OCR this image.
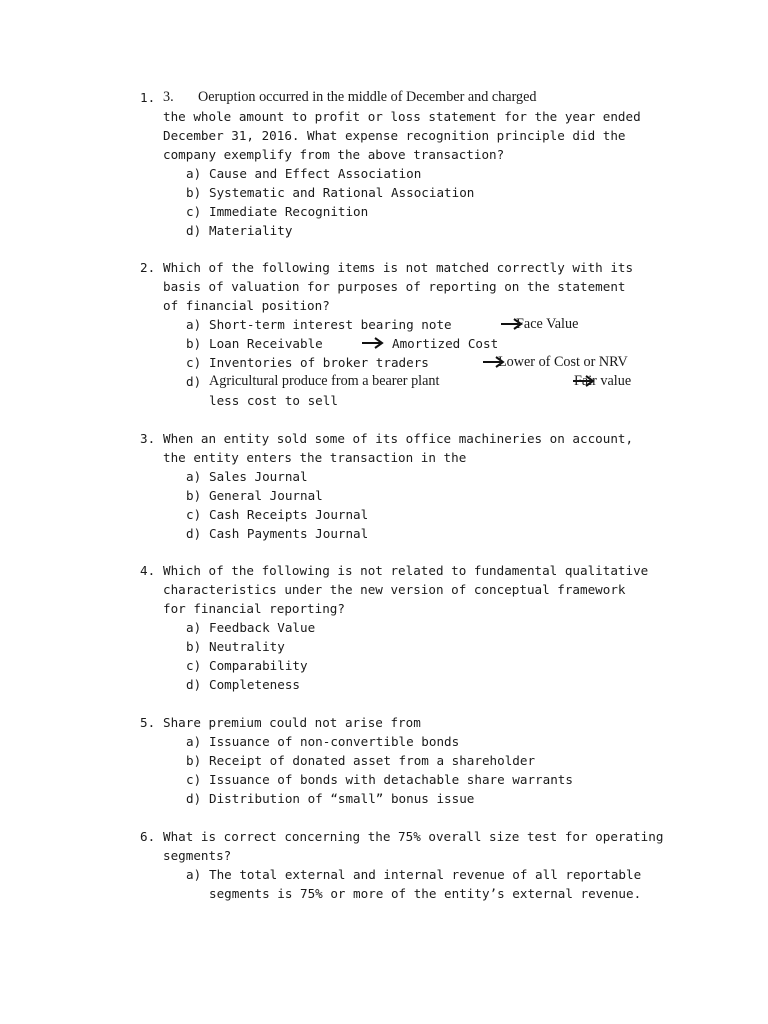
1. 3. Oeruption occurred in the middle of December and charged
the whole amount to profit or loss statement for the year ended
December 31, 2016. What expense recognition principle did the
company exemplify from the above transaction?
a) Cause and Effect Association
b) Systematic and Rational Association
c) Immediate Recognition
d) Materiality
2. Which of the following items is not matched correctly with its
basis of valuation for purposes of reporting on the statement
of financial position?
a) Short-term interest bearing note	Face Value
b) Loan Receivable	Amortized Cost
c) Inventories of broker traders	Lower of Cost or NRV
d) Agricultural produce from a bearer plant	Fair value
less cost to sell
3. When an entity sold some of its office machineries on account,
the entity enters the transaction in the
a) Sales Journal
b) General Journal
c) Cash Receipts Journal
d) Cash Payments Journal
4. Which of the following is not related to fundamental qualitative
characteristics under the new version of conceptual framework
for financial reporting?
a) Feedback Value
b) Neutrality
c) Comparability
d) Completeness
5. Share premium could not arise from
a) Issuance of non-convertible bonds
b) Receipt of donated asset from a shareholder
c) Issuance of bonds with detachable share warrants
d) Distribution of “small” bonus issue
6. What is correct concerning the 75% overall size test for operating
segments?
a) The total external and internal revenue of all reportable
segments is 75% or more of the entity’s external revenue.
